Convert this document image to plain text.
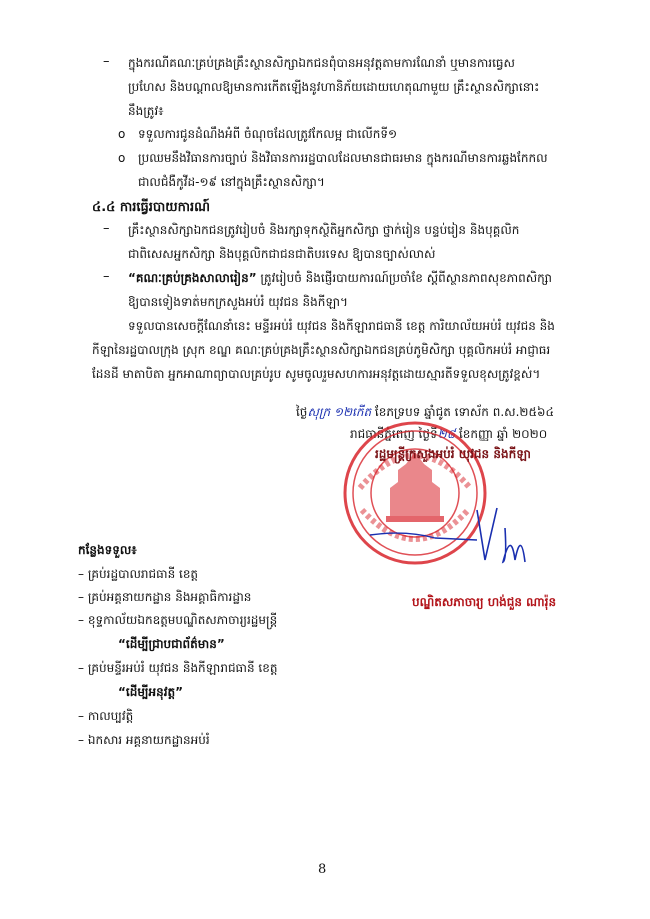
– ក្នុងករណីគណៈគ្រប់គ្រងគ្រឹះស្ថានសិក្សាឯកជនពុំបានអនុវត្តតាមការណែនាំ ឬមានការធ្វេស
ប្រហែស និងបណ្តាលឱ្យមានការកើតឡើងនូវហានិភ័យដោយហេតុណាមួយ គ្រឹះស្ថានសិក្សានោះ
នឹងត្រូវ៖
o ទទួលការជូនដំណឹងអំពី ចំណុចដែលត្រូវកែលម្អ ជាលើកទី១
o ប្រឈមនឹងវិធានការច្បាប់ និងវិធានការរដ្ឋបាលដែលមានជាធរមាន ក្នុងករណីមានការឆ្លងកែកល
ជាលជំងឺកូវីដ-១៩ នៅក្នុងគ្រឹះស្ថានសិក្សា។
៤.៤ ការធ្វើរបាយការណ៍
– គ្រឹះស្ថានសិក្សាឯកជនត្រូវរៀបចំ និងរក្សាទុកស្ថិតិអ្នកសិក្សា ថ្នាក់រៀន បន្ទប់រៀន និងបុគ្គលិក
ជាពិសេសអ្នកសិក្សា និងបុគ្គលិកជាជនជាតិបរទេស ឱ្យបានច្បាស់លាស់
– “គណៈគ្រប់គ្រងសាលារៀន” ត្រូវរៀបចំ និងផ្ញើរបាយការណ៍ប្រចាំខែ ស្តីពីស្ថានភាពសុខភាពសិក្សា
ឱ្យបានទៀងទាត់មកក្រសួងអប់រំ យុវជន និងកីឡា។
ទទួលបានសេចក្តីណែនាំនេះ មន្ទីរអប់រំ យុវជន និងកីឡារាជធានី ខេត្ត ការិយាល័យអប់រំ យុវជន និង
កីឡានៃរដ្ឋបាលក្រុង ស្រុក ខណ្ឌ គណៈគ្រប់គ្រងគ្រឹះស្ថានសិក្សាឯកជនគ្រប់ភូមិសិក្សា បុគ្គលិកអប់រំ អាជ្ញាធរ
ដែនដី មាតាបិតា អ្នកអាណាព្យាបាលគ្រប់រូប សូមចូលរួមសហការអនុវត្តដោយស្មារតីទទួលខុសត្រូវខ្ពស់។
ថ្ងៃសុក្រ ១២កើត ខែភទ្របទ ឆ្នាំជូត ទោស័ក ព.ស.២៥៦៤
រាជធានីភ្នំពេញ ថ្ងៃទី២៨ ខែកញ្ញា ឆ្នាំ ២០២០
រដ្ឋមន្ត្រីក្រសួងអប់រំ យុវជន និងកីឡា
បណ្ឌិតសភាចារ្យ ហង់ជួន ណារ៉ុន
កន្លែងទទួល៖
– គ្រប់រដ្ឋបាលរាជធានី ខេត្ត
– គ្រប់អគ្គនាយកដ្ឋាន និងអគ្គាធិការដ្ឋាន
– ខុទ្ទកាល័យឯកឧត្តមបណ្ឌិតសភាចារ្យរដ្ឋមន្ត្រី
“ដើម្បីជ្រាបជាព័ត៌មាន”
– គ្រប់មន្ទីរអប់រំ យុវជន និងកីឡារាជធានី ខេត្ត
“ដើម្បីអនុវត្ត”
– កាលប្បវត្តិ
– ឯកសារ អគ្គនាយកដ្ឋានអប់រំ
8
